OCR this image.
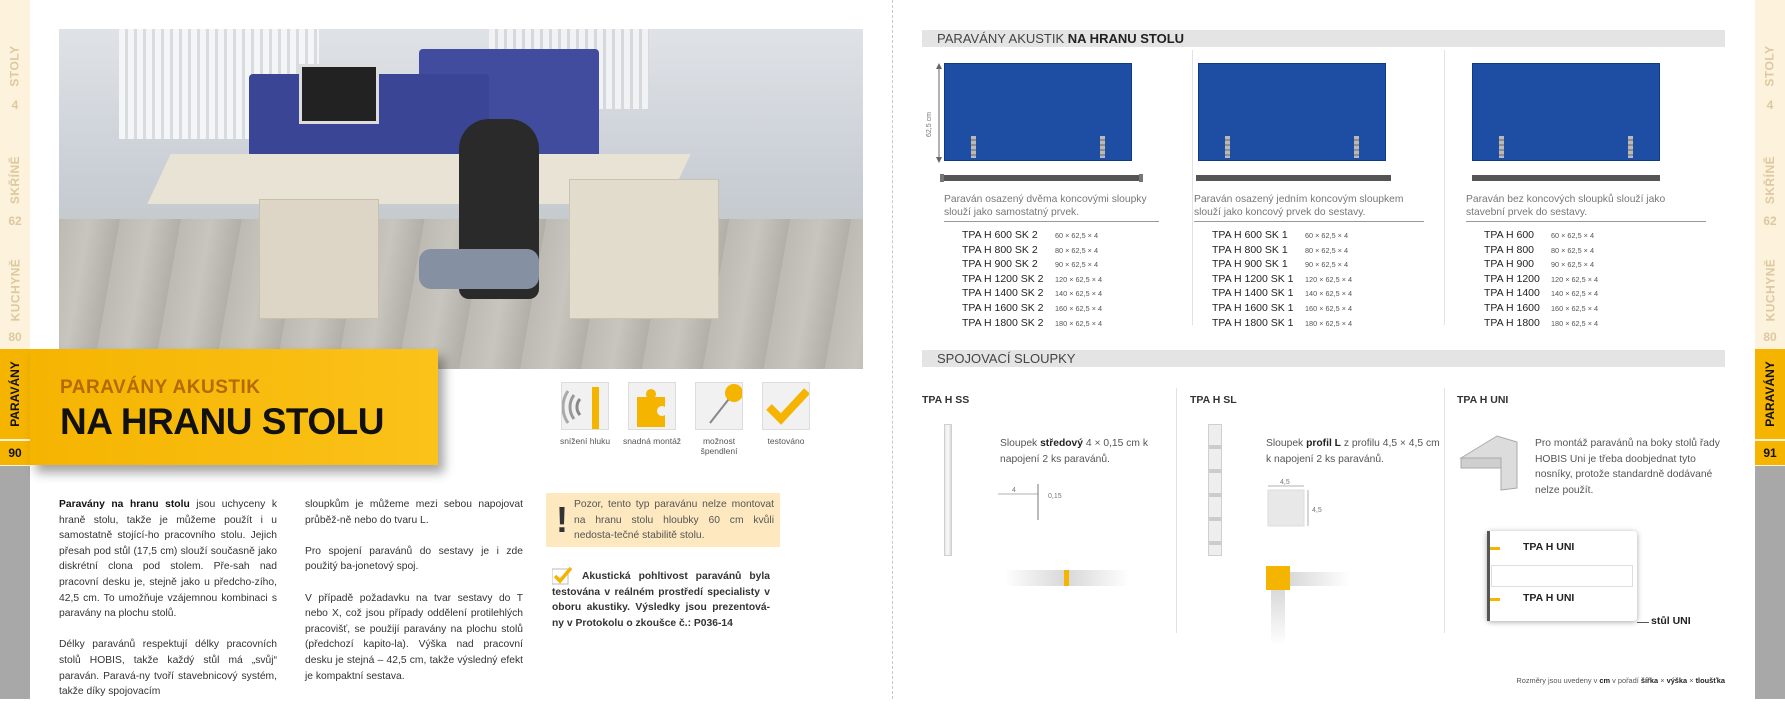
STOLY
4
SKŘÍNĚ
62
KUCHYNĚ
80
PARAVÁNY
90
STOLY
4
SKŘÍNĚ
62
KUCHYNĚ
80
PARAVÁNY
91
PARAVÁNY AKUSTIK
NA HRANU STOLU	snížení hluku	snadná montáž	možnost špendlení
testováno

Paravány na hranu stolu jsou uchyceny k hraně stolu, takže je můžeme použít i u samostatně stojící-ho pracovního stolu. Jejich přesah pod stůl (17,5 cm) slouží současně jako diskrétní clona pod stolem. Pře-sah nad pracovní desku je, stejně jako u předcho-zího, 42,5 cm. To umožňuje vzájemnou kombinaci s paravány na plochu stolů.

Délky paravánů respektují délky pracovních stolů HOBIS, takže každý stůl má „svůj“ paraván. Paravá-ny tvoří stavebnicový systém, takže díky spojovacím

sloupkům je můžeme mezi sebou napojovat průběž-ně nebo do tvaru L.

Pro spojení paravánů do sestavy je i zde použitý ba-jonetový spoj.

V případě požadavku na tvar sestavy do T nebo X, což jsou případy oddělení protilehlých pracovišť, se použijí paravány na plochu stolů (předchozí kapito-la). Výška nad pracovní desku je stejná – 42,5 cm, takže výsledný efekt je kompaktní sestava.

! Pozor, tento typ paravánu nelze montovat na hranu stolu hloubky 60 cm kvůli nedosta-tečné stabilitě stolu.
Akustická pohltivost paravánů byla testována v reálném prostředí specialisty v oboru akustiky. Výsledky jsou prezentová-ny v Protokolu o zkoušce č.: P036-14
PARAVÁNY AKUSTIK NA HRANU STOLU
62,5 cm
Paraván osazený dvěma koncovými sloupky slouží jako samostatný prvek.
TPA H 600 SK 2	60 × 62,5 × 4
TPA H 800 SK 2	80 × 62,5 × 4
TPA H 900 SK 2	90 × 62,5 × 4
TPA H 1200 SK 2	120 × 62,5 × 4
TPA H 1400 SK 2	140 × 62,5 × 4
TPA H 1600 SK 2	160 × 62,5 × 4
TPA H 1800 SK 2	180 × 62,5 × 4
Paraván osazený jedním koncovým sloupkem slouží jako koncový prvek do sestavy.
TPA H 600 SK 1	60 × 62,5 × 4
TPA H 800 SK 1	80 × 62,5 × 4
TPA H 900 SK 1	90 × 62,5 × 4
TPA H 1200 SK 1	120 × 62,5 × 4
TPA H 1400 SK 1	140 × 62,5 × 4
TPA H 1600 SK 1	160 × 62,5 × 4
TPA H 1800 SK 1	180 × 62,5 × 4
Paraván bez koncových sloupků slouží jako stavební prvek do sestavy.
TPA H 600	60 × 62,5 × 4
TPA H 800	80 × 62,5 × 4
TPA H 900	90 × 62,5 × 4
TPA H 1200	120 × 62,5 × 4
TPA H 1400	140 × 62,5 × 4
TPA H 1600	160 × 62,5 × 4
TPA H 1800	180 × 62,5 × 4
SPOJOVACÍ SLOUPKY
TPA H SS
Sloupek středový 4 × 0,15 cm k napojení 2 ks paravánů.
4
0,15
TPA H SL
Sloupek profil L z profilu 4,5 × 4,5 cm k napojení 2 ks paravánů.
4,5
4,5
TPA H UNI
Pro montáž paravánů na boky stolů řady HOBIS Uni je třeba doobjednat tyto nosníky, protože standardně dodávané nelze použít.
TPA H UNI
TPA H UNI
stůl UNI
Rozměry jsou uvedeny v cm v pořadí šířka × výška × tloušťka
